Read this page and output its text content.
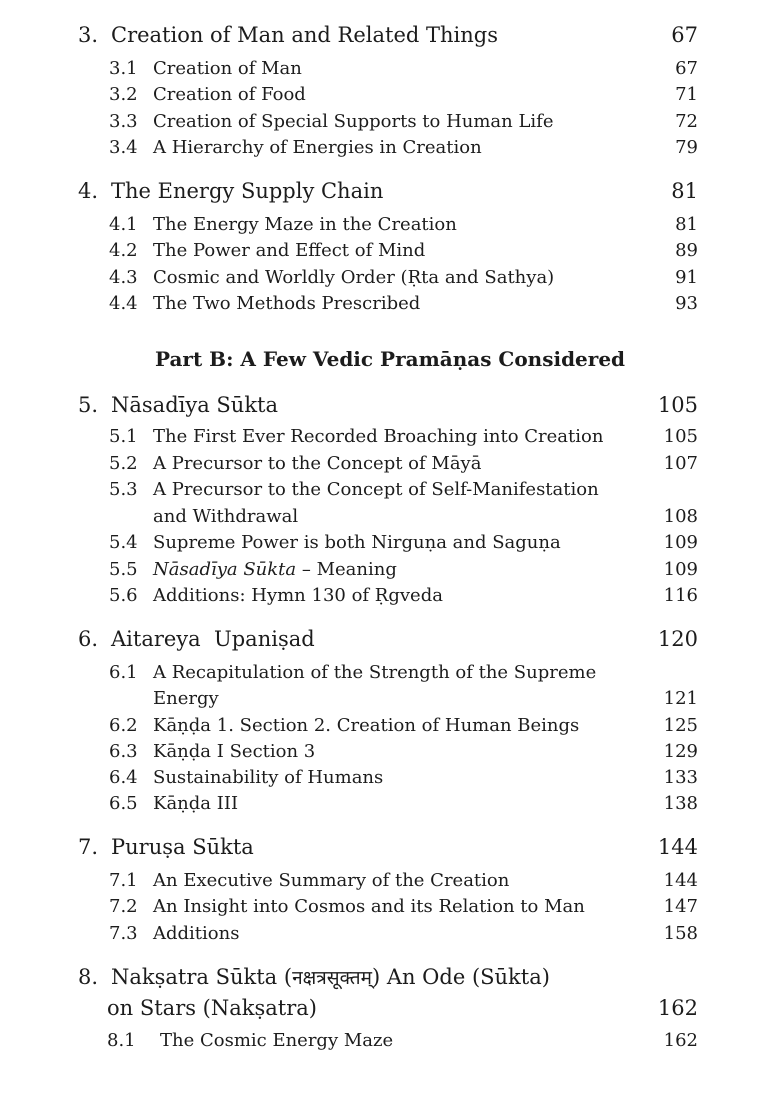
3. Creation of Man and Related Things	67
3.1 Creation of Man	67
3.2 Creation of Food	71
3.3 Creation of Special Supports to Human Life	72
3.4 A Hierarchy of Energies in Creation	79
4. The Energy Supply Chain	81
4.1 The Energy Maze in the Creation	81
4.2 The Power and Effect of Mind	89
4.3 Cosmic and Worldly Order (Ṛta and Sathya)	91
4.4 The Two Methods Prescribed	93
Part B: A Few Vedic Pramāṇas Considered
5. Nāsadīya Sūkta	105
5.1 The First Ever Recorded Broaching into Creation	105
5.2 A Precursor to the Concept of Māyā	107
5.3 A Precursor to the Concept of Self-Manifestation
and Withdrawal	108
5.4 Supreme Power is both Nirguṇa and Saguṇa	109
5.5 Nāsadīya Sūkta – Meaning	109
5.6 Additions: Hymn 130 of Ṛgveda	116
6. Aitareya  Upaniṣad	120
6.1 A Recapitulation of the Strength of the Supreme
Energy	121
6.2 Kāṇḍa 1. Section 2. Creation of Human Beings	125
6.3 Kāṇḍa I Section 3	129
6.4 Sustainability of Humans	133
6.5 Kāṇḍa III	138
7. Puruṣa Sūkta	144
7.1 An Executive Summary of the Creation	144
7.2 An Insight into Cosmos and its Relation to Man	147
7.3 Additions	158
8. Nakṣatra Sūkta (नक्षत्रसूक्तम्) An Ode (Sūkta)
on Stars (Nakṣatra)	162
8.1 The Cosmic Energy Maze	162
